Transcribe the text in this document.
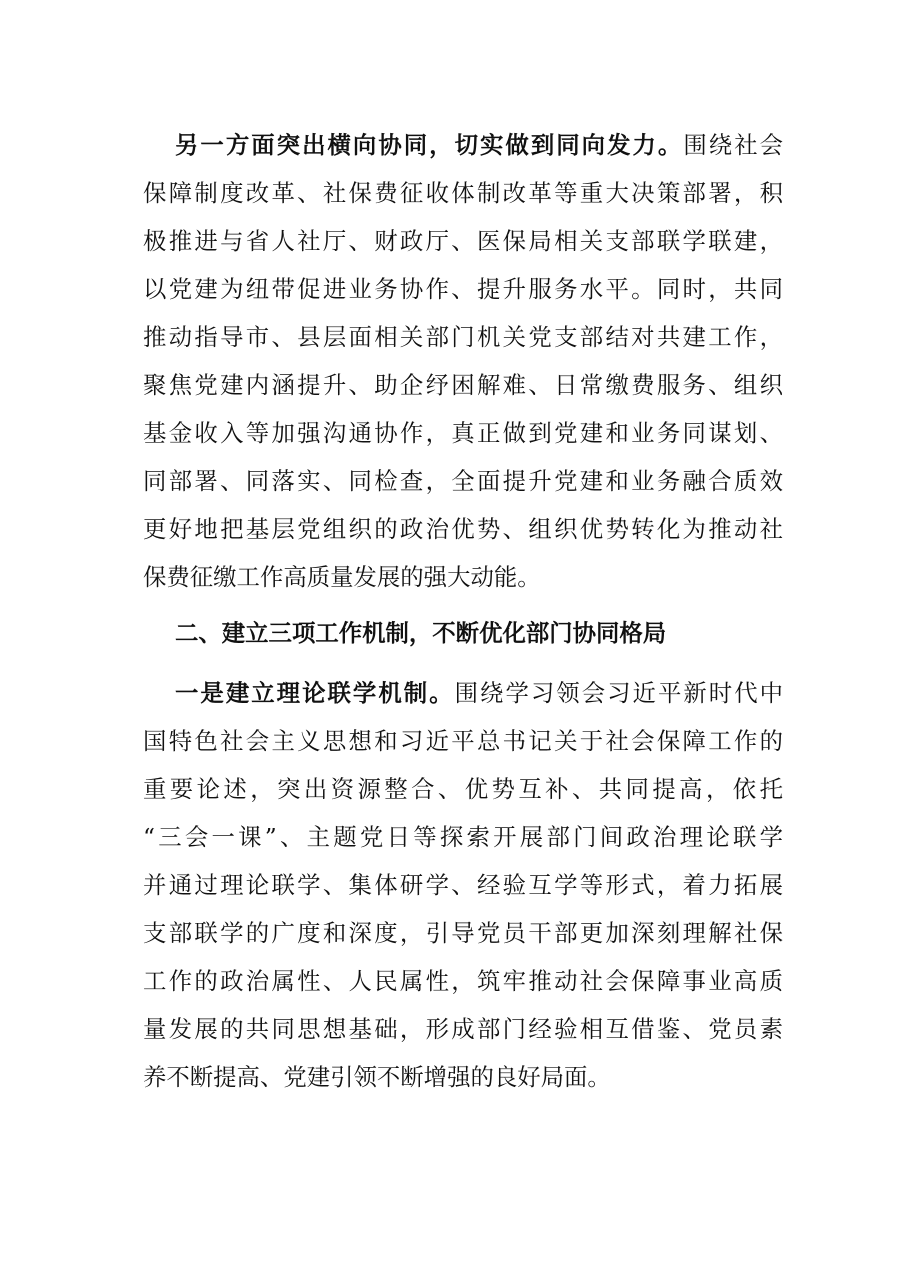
另一方面突出横向协同，切实做到同向发力。围绕社会
保障制度改革、社保费征收体制改革等重大决策部署，积
极推进与省人社厅、财政厅、医保局相关支部联学联建，
以党建为纽带促进业务协作、提升服务水平。同时，共同
推动指导市、县层面相关部门机关党支部结对共建工作，
聚焦党建内涵提升、助企纾困解难、日常缴费服务、组织
基金收入等加强沟通协作，真正做到党建和业务同谋划、
同部署、同落实、同检查，全面提升党建和业务融合质效
更好地把基层党组织的政治优势、组织优势转化为推动社
保费征缴工作高质量发展的强大动能。
二、建立三项工作机制，不断优化部门协同格局
一是建立理论联学机制。围绕学习领会习近平新时代中
国特色社会主义思想和习近平总书记关于社会保障工作的
重要论述，突出资源整合、优势互补、共同提高，依托
“三会一课”、主题党日等探索开展部门间政治理论联学
并通过理论联学、集体研学、经验互学等形式，着力拓展
支部联学的广度和深度，引导党员干部更加深刻理解社保
工作的政治属性、人民属性，筑牢推动社会保障事业高质
量发展的共同思想基础，形成部门经验相互借鉴、党员素
养不断提高、党建引领不断增强的良好局面。
